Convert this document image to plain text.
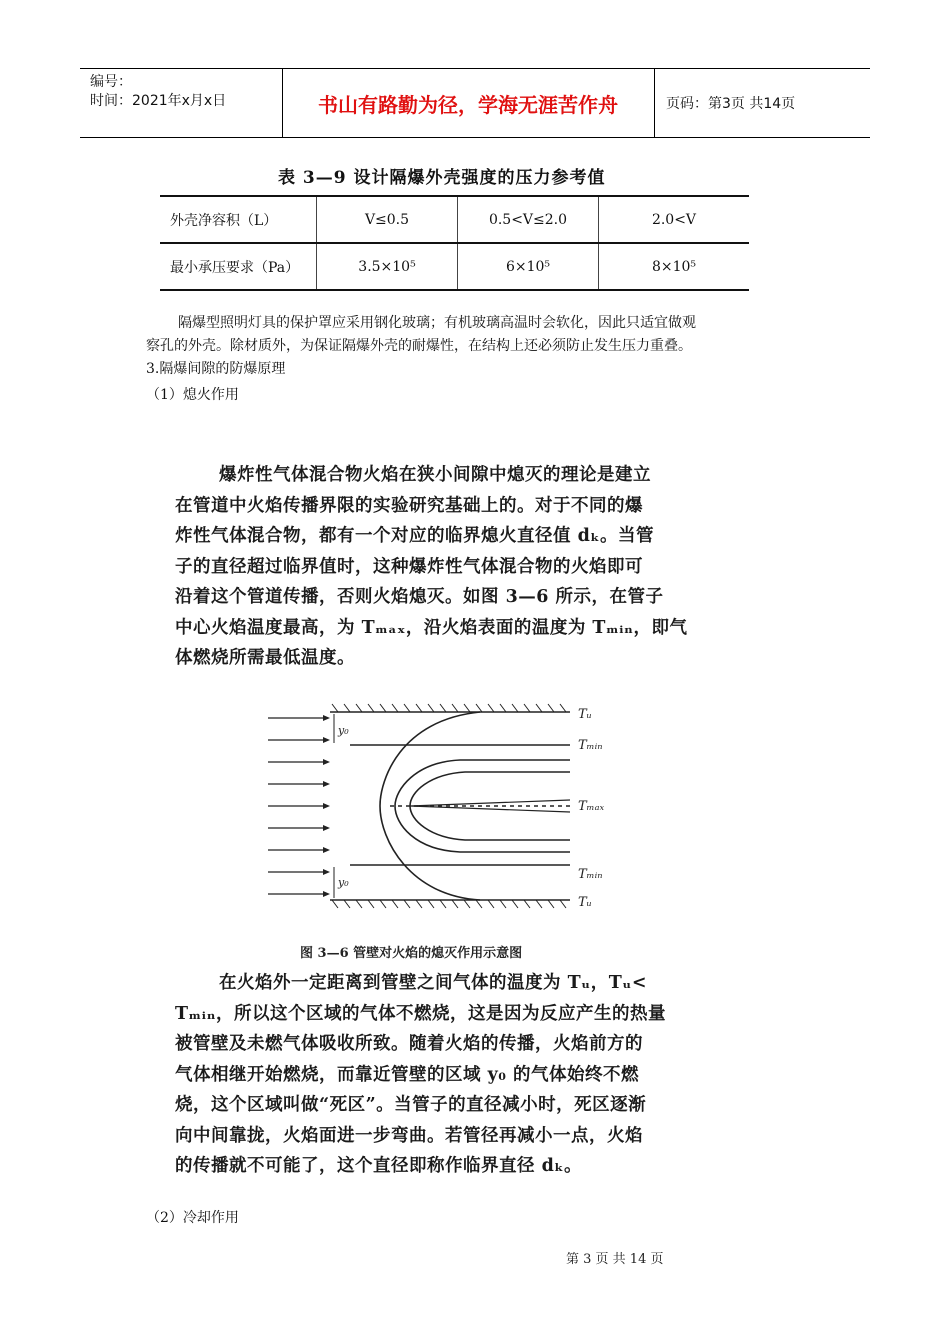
编号：
时间：2021年x月x日	书山有路勤为径，学海无涯苦作舟	页码：第3页 共14页
表 3—9 设计隔爆外壳强度的压力参考值
外壳净容积（L）	V≤0.5	0.5<V≤2.0	2.0<V
最小承压要求（Pa）	3.5×10⁵	6×10⁵	8×10⁵
隔爆型照明灯具的保护罩应采用钢化玻璃；有机玻璃高温时会软化，因此只适宜做观
察孔的外壳。除材质外，为保证隔爆外壳的耐爆性，在结构上还必须防止发生压力重叠。
3.隔爆间隙的防爆原理
（1）熄火作用
爆炸性气体混合物火焰在狭小间隙中熄灭的理论是建立
在管道中火焰传播界限的实验研究基础上的。对于不同的爆
炸性气体混合物，都有一个对应的临界熄火直径值 dₖ。当管
子的直径超过临界值时，这种爆炸性气体混合物的火焰即可
沿着这个管道传播，否则火焰熄灭。如图 3—6 所示，在管子
中心火焰温度最高，为 Tₘₐₓ，沿火焰表面的温度为 Tₘᵢₙ，即气
体燃烧所需最低温度。
Tᵤ
Tₘᵢₙ
Tₘₐₓ
Tₘᵢₙ
Tᵤ
y₀
y₀
图 3—6 管壁对火焰的熄灭作用示意图
在火焰外一定距离到管壁之间气体的温度为 Tᵤ，Tᵤ<
Tₘᵢₙ，所以这个区域的气体不燃烧，这是因为反应产生的热量
被管壁及未燃气体吸收所致。随着火焰的传播，火焰前方的
气体相继开始燃烧，而靠近管壁的区域 y₀ 的气体始终不燃
烧，这个区域叫做“死区”。当管子的直径减小时，死区逐渐
向中间靠拢，火焰面进一步弯曲。若管径再减小一点，火焰
的传播就不可能了，这个直径即称作临界直径 dₖ。
（2）冷却作用
第 3 页 共 14 页
